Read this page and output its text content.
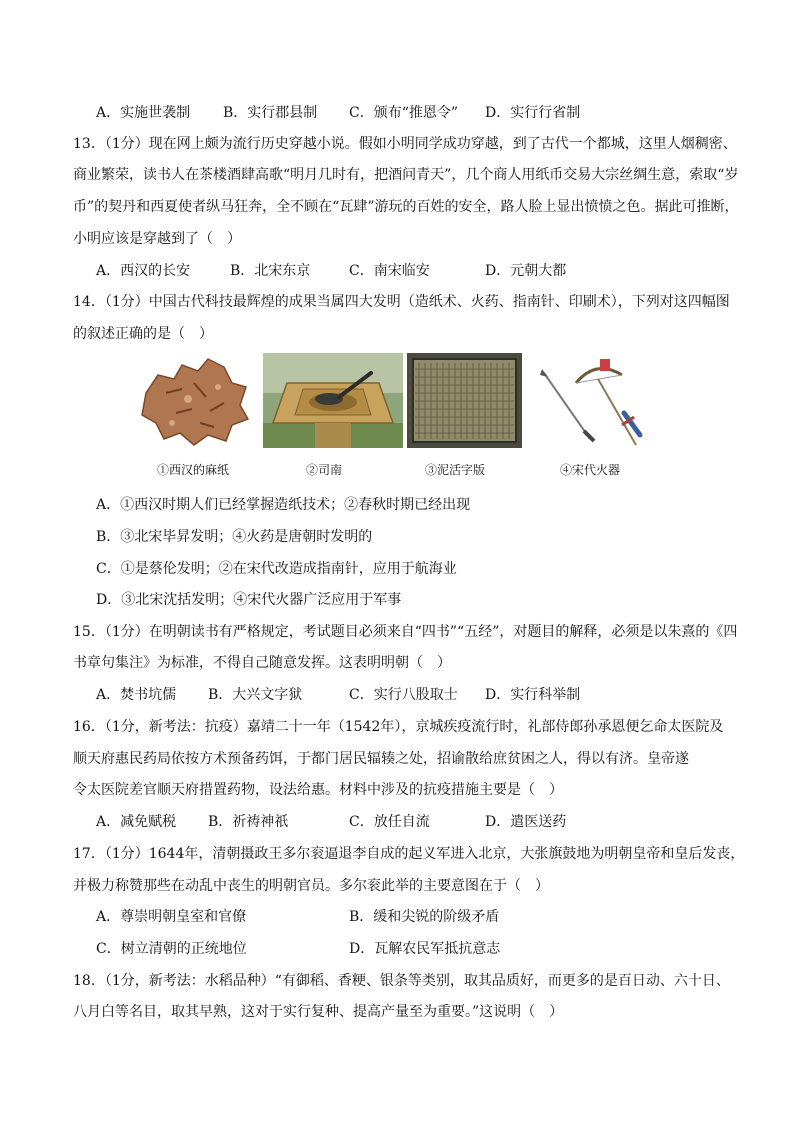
A．实施世袭制 B．实行郡县制 C．颁布“推恩令” D．实行行省制
13．（1分）现在网上颇为流行历史穿越小说。假如小明同学成功穿越，到了古代一个都城，这里人烟稠密、
商业繁荣，读书人在茶楼酒肆高歌“明月几时有，把酒问青天”，几个商人用纸币交易大宗丝绸生意，索取“岁
币”的契丹和西夏使者纵马狂奔，全不顾在“瓦肆”游玩的百姓的安全，路人脸上显出愤愤之色。据此可推断，
小明应该是穿越到了（　）
A．西汉的长安	B．北宋东京	C．南宋临安	D．元朝大都
14．（1分）中国古代科技最辉煌的成果当属四大发明（造纸术、火药、指南针、印刷术），下列对这四幅图
的叙述正确的是（　）
①西汉的麻纸	②司南	③泥活字版	④宋代火器
A．①西汉时期人们已经掌握造纸技术；②春秋时期已经出现
B．③北宋毕昇发明；④火药是唐朝时发明的
C．①是蔡伦发明；②在宋代改造成指南针，应用于航海业
D．③北宋沈括发明；④宋代火器广泛应用于军事
15．（1分）在明朝读书有严格规定，考试题目必须来自“四书”“五经”，对题目的解释，必须是以朱熹的《四
书章句集注》为标准，不得自己随意发挥。这表明明朝（　）
A．焚书坑儒 B．大兴文字狱	C．实行八股取士 D．实行科举制
16．（1分，新考法：抗疫）嘉靖二十一年（1542年），京城疾疫流行时，礼部侍郎孙承恩便乞命太医院及
顺天府惠民药局依按方术预备药饵，于都门居民辐辏之处，招谕散给庶贫困之人，得以有济。皇帝遂
令太医院差官顺天府措置药物，设法给惠。材料中涉及的抗疫措施主要是（　）
A．减免赋税 B．祈祷神祇	C．放任自流	D．遣医送药
17．（1分）1644年，清朝摄政王多尔衮逼退李自成的起义军进入北京，大张旗鼓地为明朝皇帝和皇后发丧，
并极力称赞那些在动乱中丧生的明朝官员。多尔衮此举的主要意图在于（　）
A．尊崇明朝皇室和官僚	B．缓和尖锐的阶级矛盾
C．树立清朝的正统地位	D．瓦解农民军抵抗意志
18．（1分，新考法：水稻品种）“有御稻、香粳、银条等类别，取其品质好，而更多的是百日动、六十日、
八月白等名目，取其早熟，这对于实行复种、提高产量至为重要。”这说明（　）
